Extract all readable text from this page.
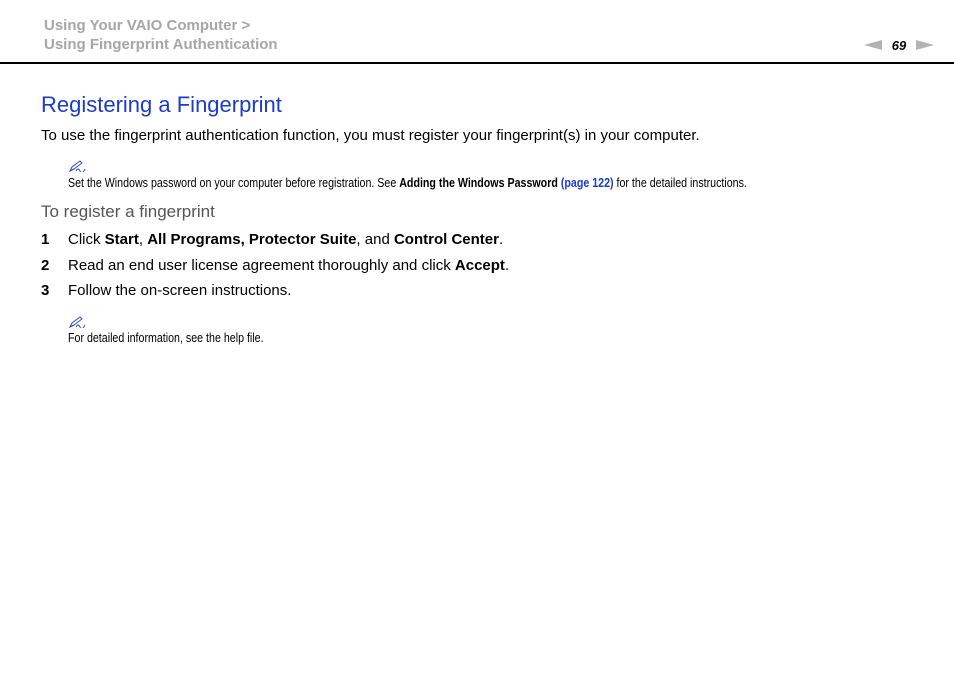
Using Your VAIO Computer >
Using Fingerprint Authentication	69
Registering a Fingerprint

To use the fingerprint authentication function, you must register your fingerprint(s) in your computer.

Set the Windows password on your computer before registration. See Adding the Windows Password (page 122) for the detailed instructions.

To register a fingerprint
1 Click Start, All Programs, Protector Suite, and Control Center.
2 Read an end user license agreement thoroughly and click Accept.
3 Follow the on-screen instructions.

For detailed information, see the help file.
